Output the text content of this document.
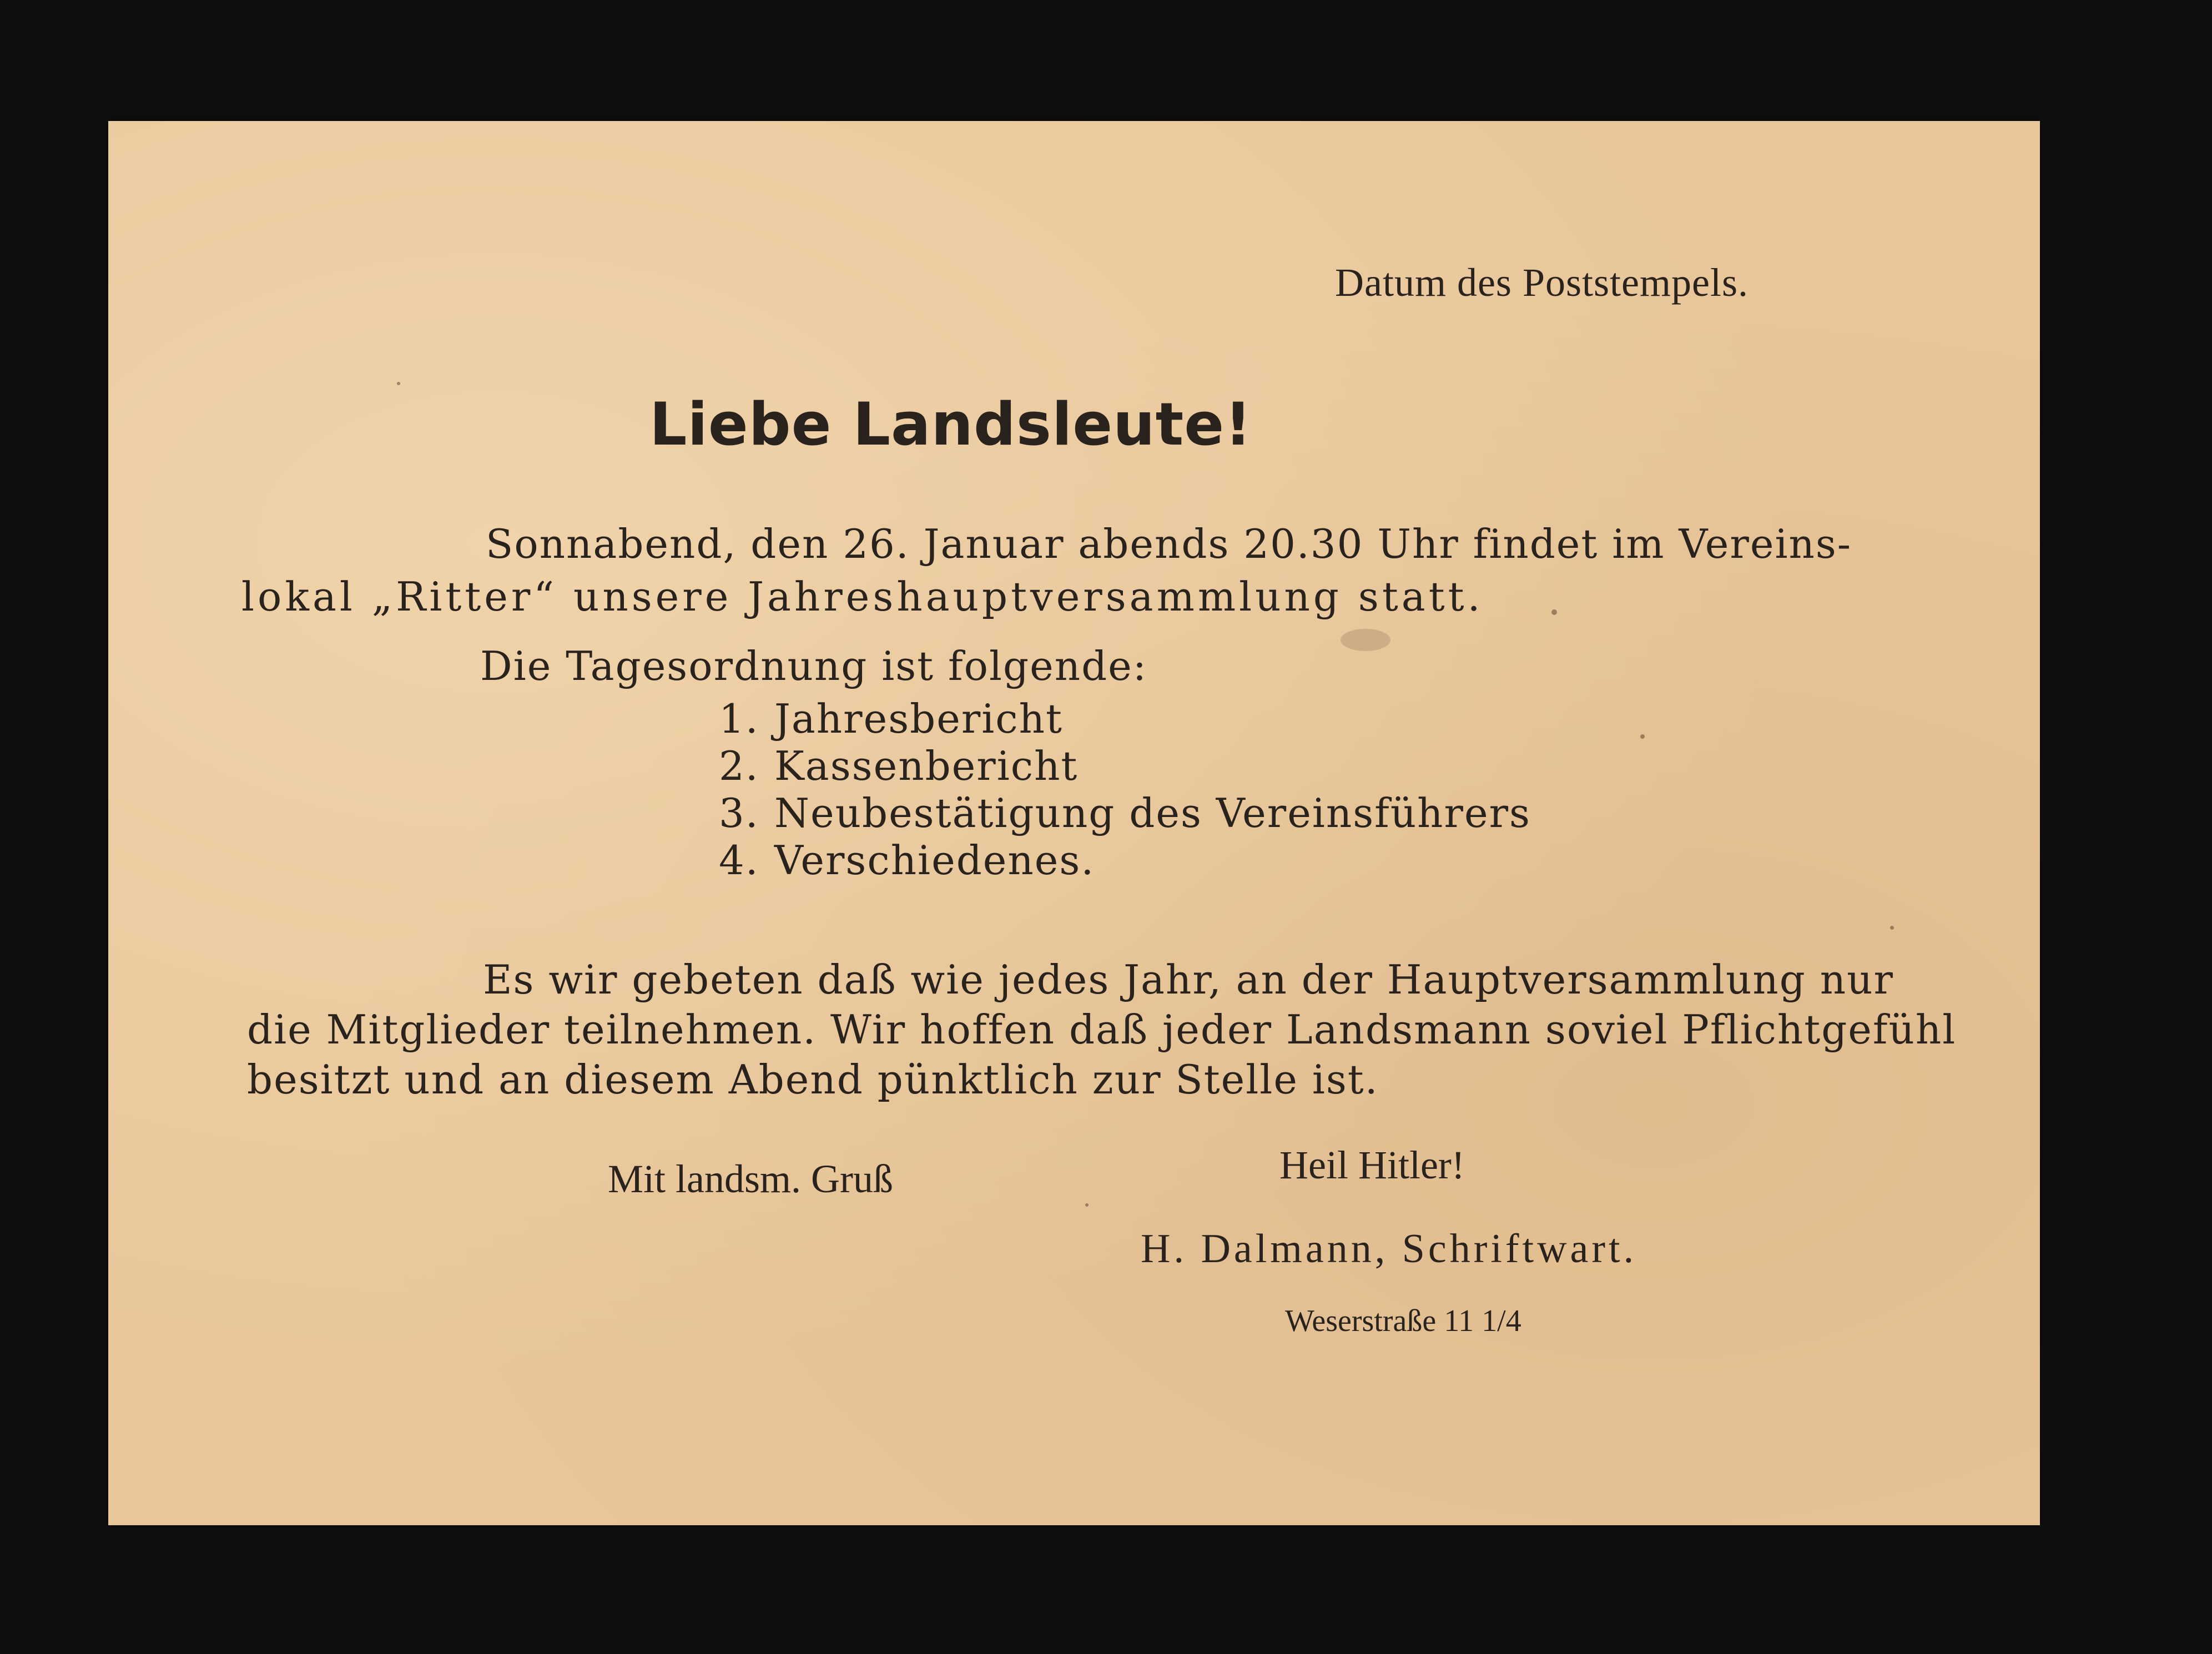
Datum des Poststempels.
Liebe Landsleute!
Sonnabend, den 26. Januar abends 20.30 Uhr findet im Vereins-
lokal „Ritter“ unsere Jahreshauptversammlung statt.
Die Tagesordnung ist folgende:
1. Jahresbericht
2. Kassenbericht
3. Neubestätigung des Vereinsführers
4. Verschiedenes.
Es wir gebeten daß wie jedes Jahr, an der Hauptversammlung nur
die Mitglieder teilnehmen. Wir hoffen daß jeder Landsmann soviel Pflichtgefühl
besitzt und an diesem Abend pünktlich zur Stelle ist.
Mit landsm. Gruß	Heil Hitler!
H. Dalmann, Schriftwart.
Weserstraße 11 1/4
